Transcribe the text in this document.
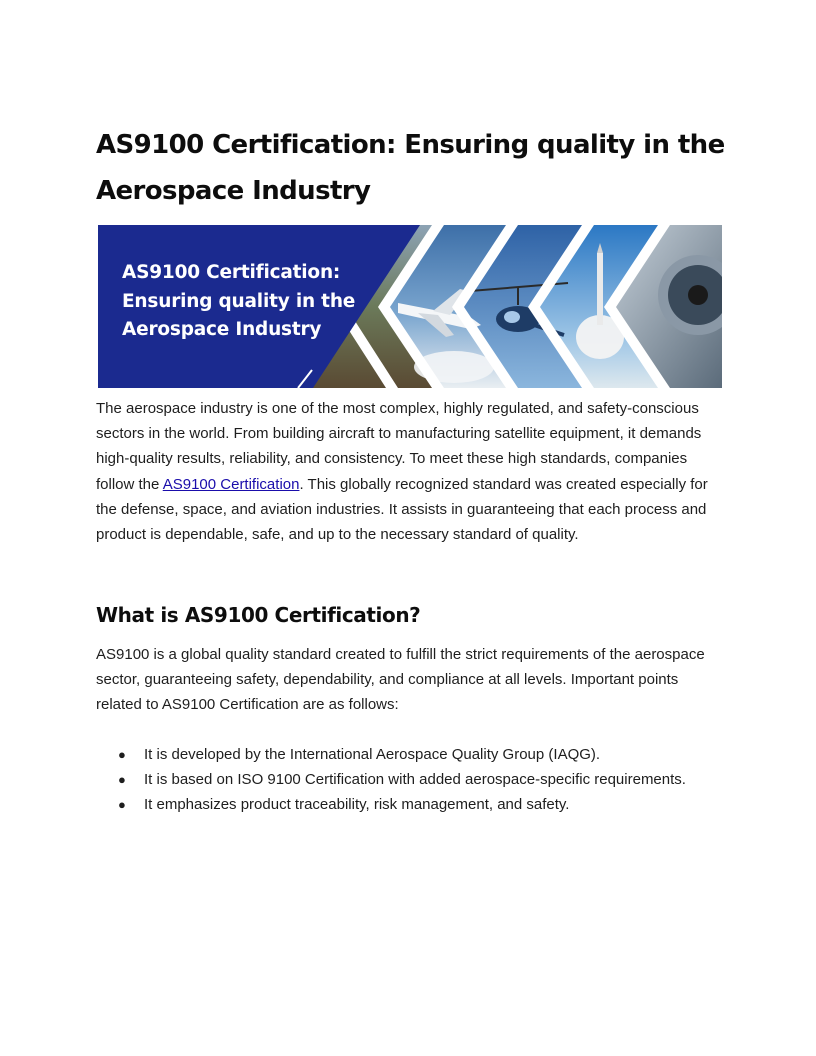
AS9100 Certification: Ensuring quality in the Aerospace Industry

AS9100 Certification: Ensuring quality in the Aerospace Industry

The aerospace industry is one of the most complex, highly regulated, and safety-conscious sectors in the world. From building aircraft to manufacturing satellite equipment, it demands high-quality results, reliability, and consistency. To meet these high standards, companies follow the AS9100 Certification. This globally recognized standard was created especially for the defense, space, and aviation industries. It assists in guaranteeing that each process and product is dependable, safe, and up to the necessary standard of quality.

What is AS9100 Certification?

AS9100 is a global quality standard created to fulfill the strict requirements of the aerospace sector, guaranteeing safety, dependability, and compliance at all levels. Important points related to AS9100 Certification are as follows:

● It is developed by the International Aerospace Quality Group (IAQG).
● It is based on ISO 9100 Certification with added aerospace-specific requirements.
● It emphasizes product traceability, risk management, and safety.
